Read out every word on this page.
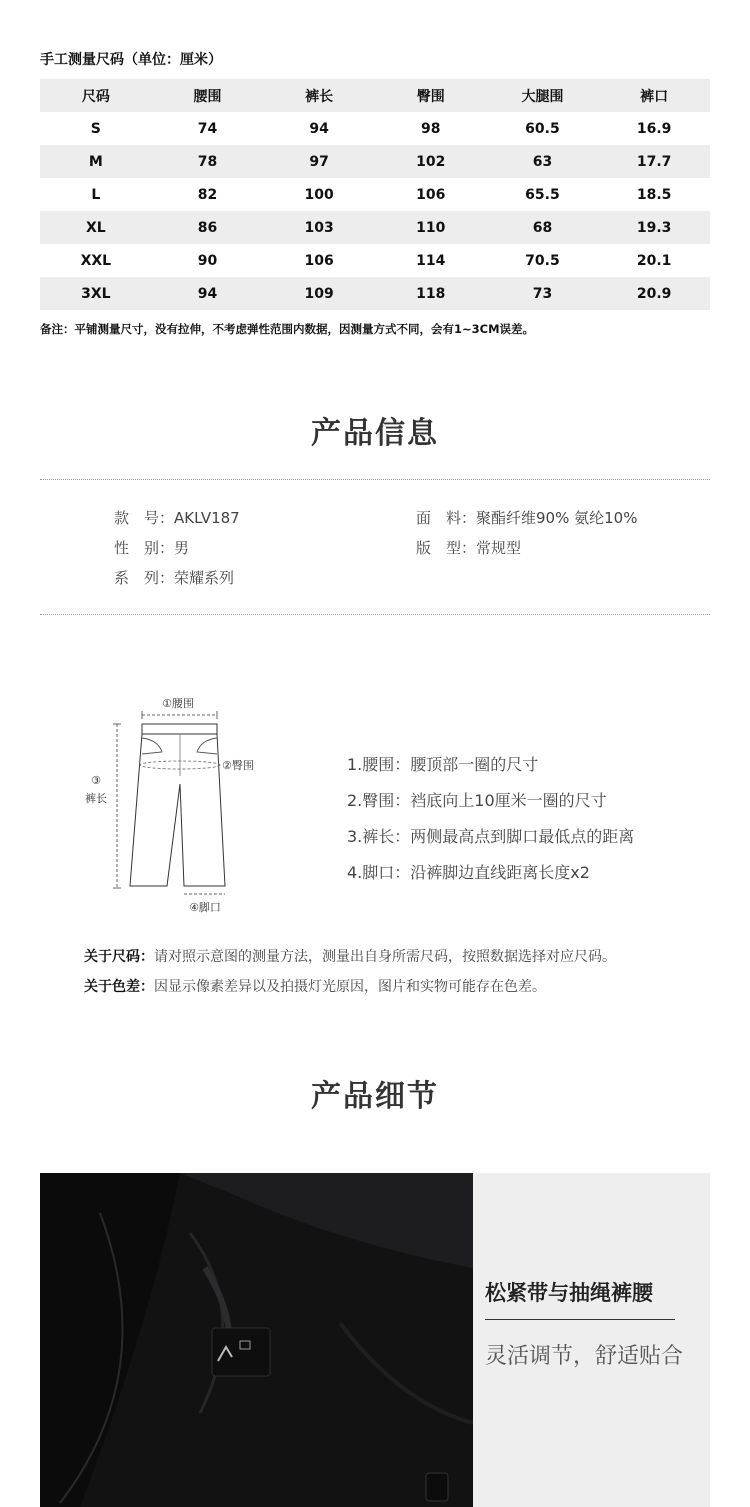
手工测量尺码（单位：厘米）
尺码	腰围	裤长	臀围	大腿围	裤口
S	74	94	98	60.5	16.9
M	78	97	102	63	17.7
L	82	100	106	65.5	18.5
XL	86	103	110	68	19.3
XXL	90	106	114	70.5	20.1
3XL	94	109	118	73	20.9
备注：平铺测量尺寸，没有拉伸，不考虑弹性范围内数据，因测量方式不同，会有1~3CM误差。
产品信息
款　号：AKLV187	面　料：聚酯纤维90% 氨纶10%
性　别：男	版　型：常规型
系　列：荣耀系列
①腰围
②臀围
③
裤长
④脚口
1.腰围：腰顶部一圈的尺寸
2.臀围：裆底向上10厘米一圈的尺寸
3.裤长：两侧最高点到脚口最低点的距离
4.脚口：沿裤脚边直线距离长度x2
关于尺码：请对照示意图的测量方法，测量出自身所需尺码，按照数据选择对应尺码。
关于色差：因显示像素差异以及拍摄灯光原因，图片和实物可能存在色差。
产品细节
松紧带与抽绳裤腰
灵活调节，舒适贴合
